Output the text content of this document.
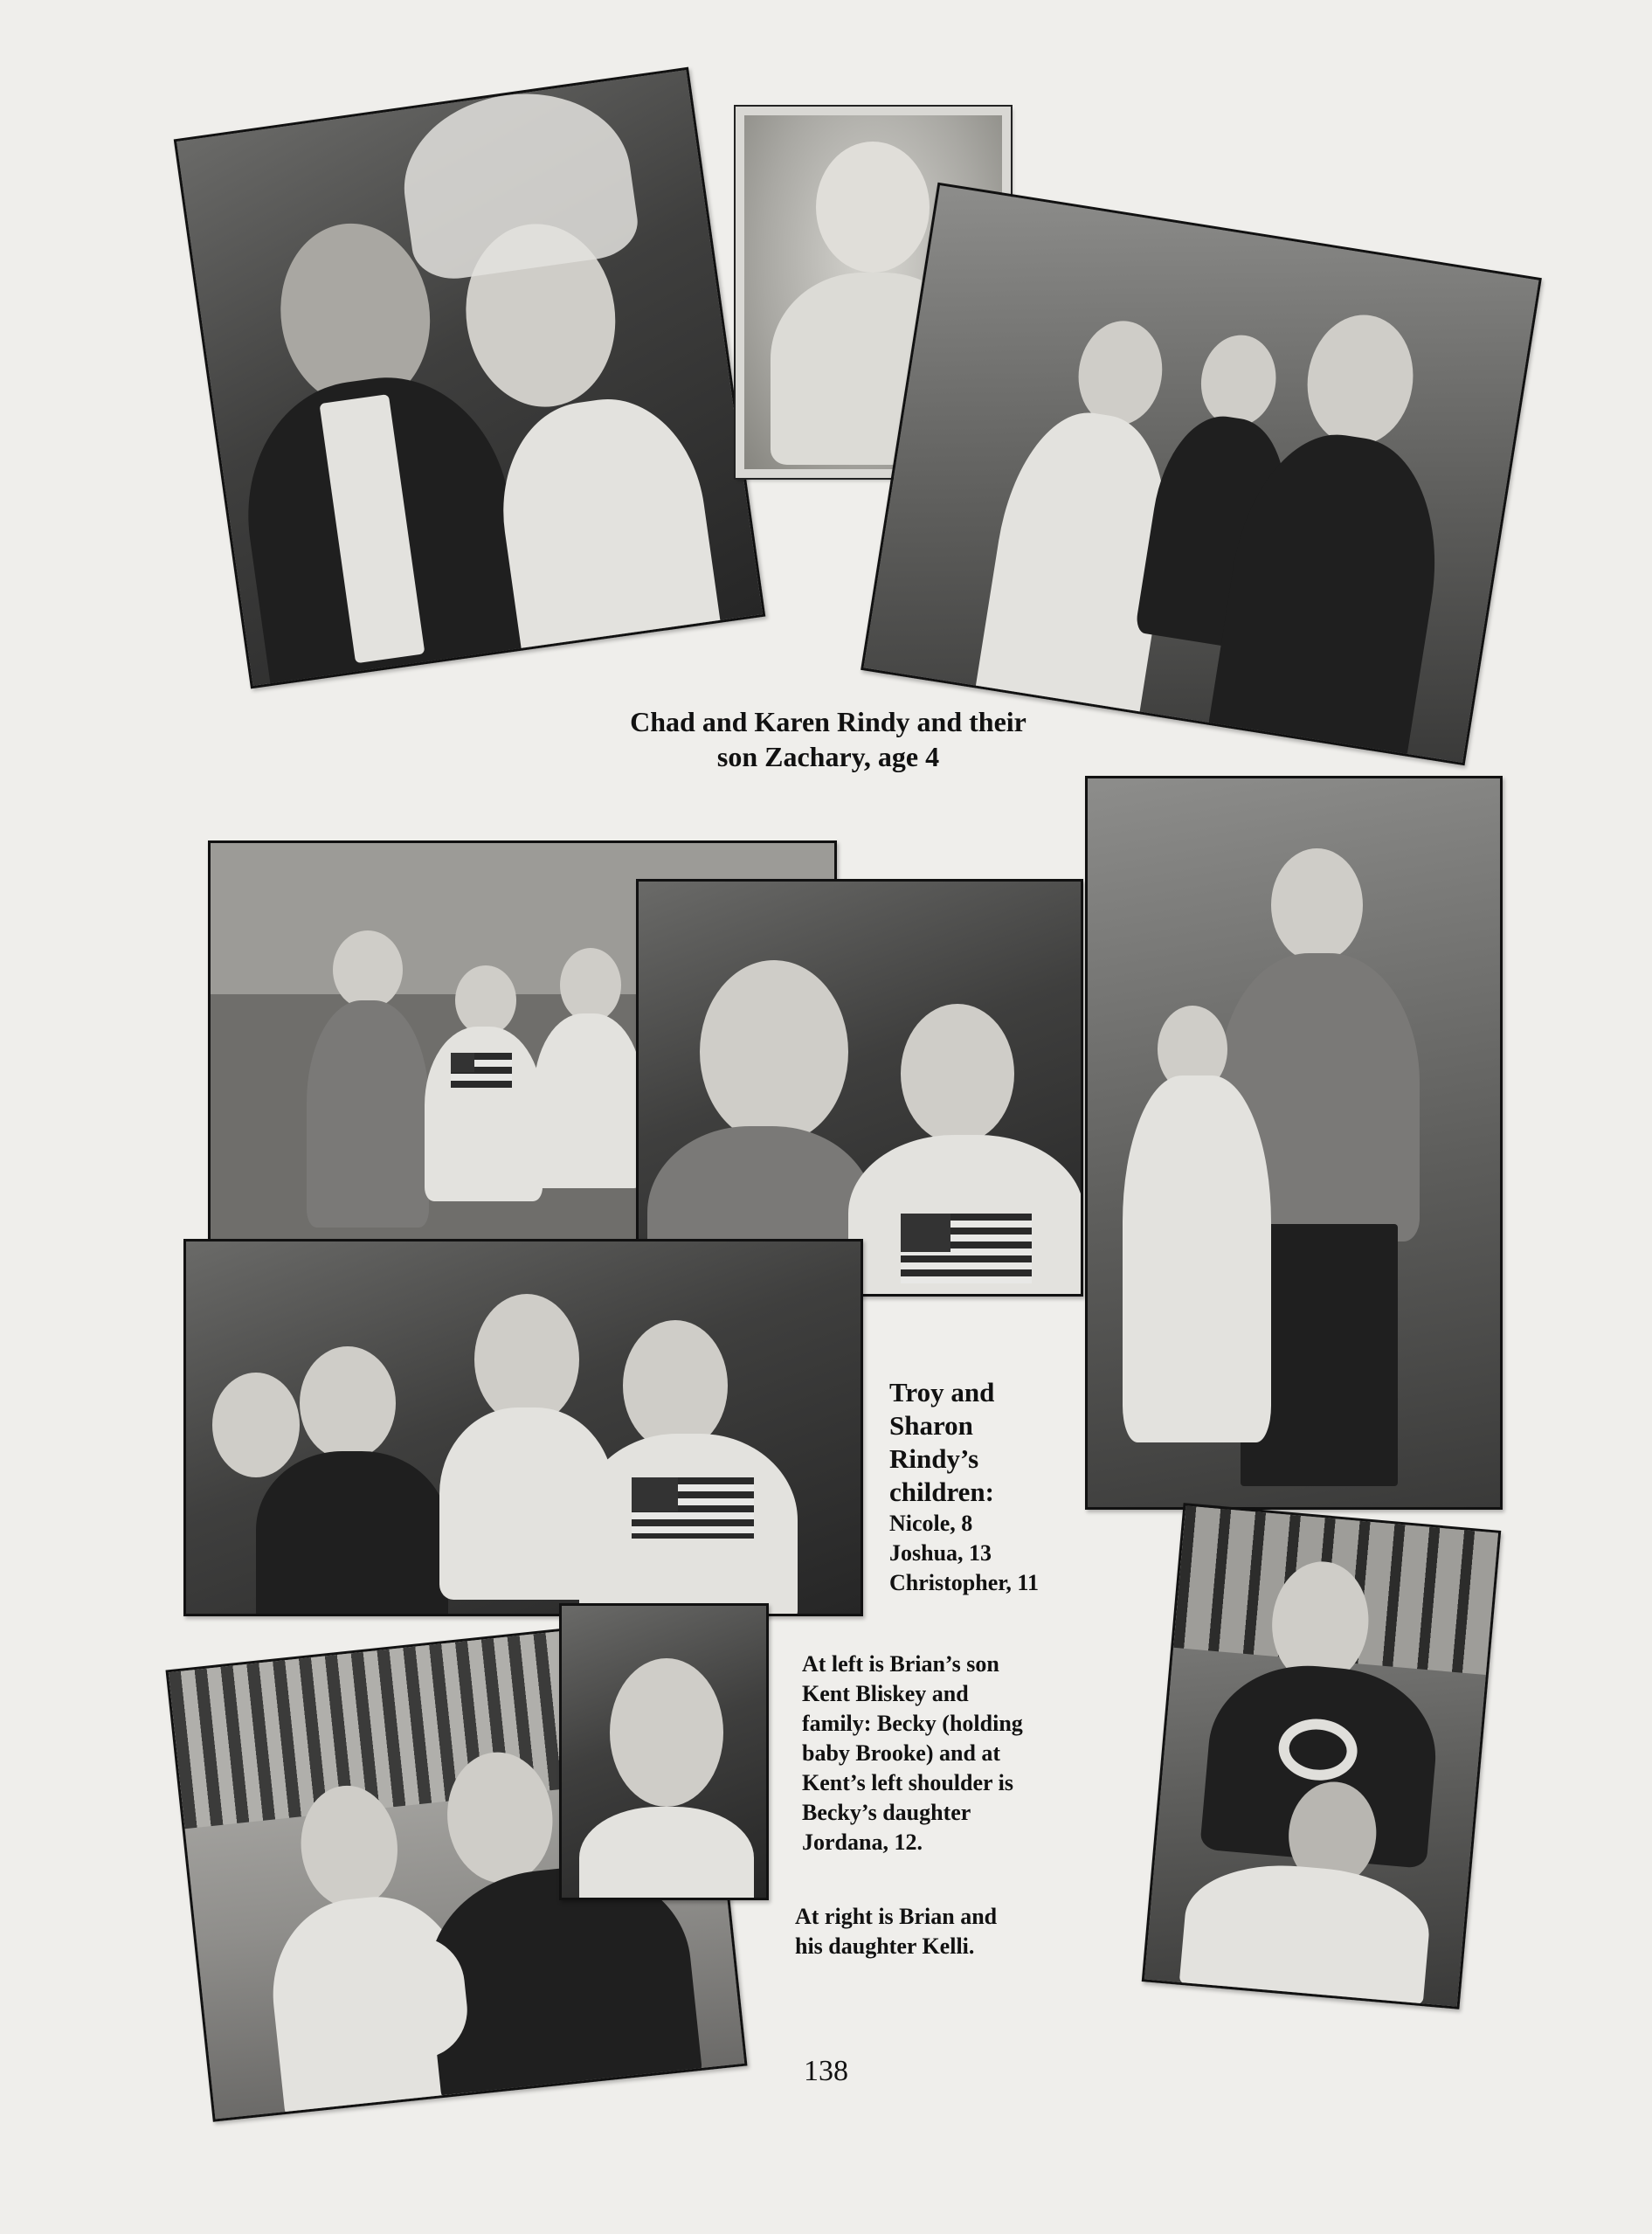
Chad and Karen Rindy and their
son Zachary, age 4
Troy and
Sharon
Rindy’s
children:
Nicole, 8
Joshua, 13
Christopher, 11
At left is Brian’s son
Kent Bliskey and
family: Becky (holding
baby Brooke) and at
Kent’s left shoulder is
Becky’s daughter
Jordana, 12.
At right is Brian and
his daughter Kelli.
138
